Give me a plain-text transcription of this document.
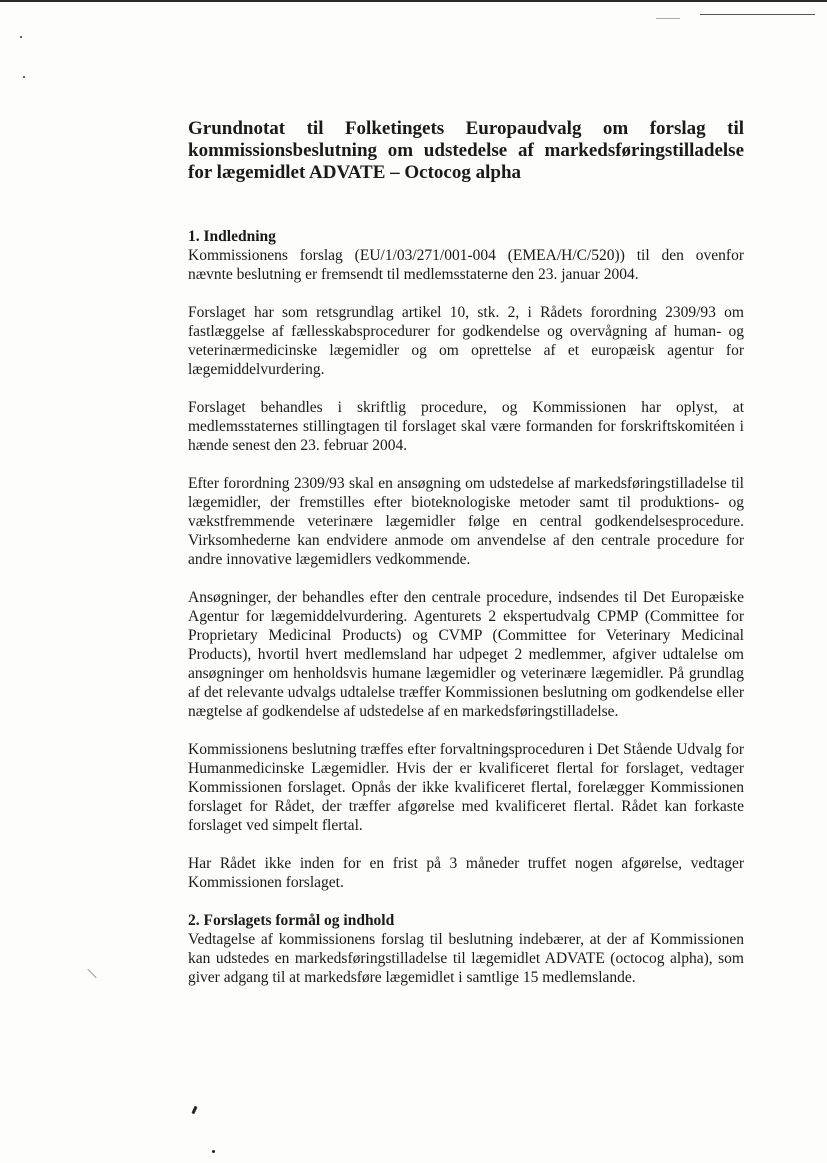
Grundnotat til Folketingets Europaudvalg om forslag til kommissionsbeslutning om udstedelse af markedsføringstilladelse for lægemidlet ADVATE – Octocog alpha
1. Indledning

Kommissionens forslag (EU/1/03/271/001-004 (EMEA/H/C/520)) til den ovenfor nævnte beslutning er fremsendt til medlemsstaterne den 23. januar 2004.

Forslaget har som retsgrundlag artikel 10, stk. 2, i Rådets forordning 2309/93 om fastlæggelse af fællesskabsprocedurer for godkendelse og overvågning af human- og veterinærmedicinske lægemidler og om oprettelse af et europæisk agentur for lægemiddelvurdering.

Forslaget behandles i skriftlig procedure, og Kommissionen har oplyst, at medlemsstaternes stillingtagen til forslaget skal være formanden for forskriftskomitéen i hænde senest den 23. februar 2004.

Efter forordning 2309/93 skal en ansøgning om udstedelse af markedsføringstilladelse til lægemidler, der fremstilles efter bioteknologiske metoder samt til produktions- og vækstfremmende veterinære lægemidler følge en central godkendelsesprocedure. Virksomhederne kan endvidere anmode om anvendelse af den centrale procedure for andre innovative lægemidlers vedkommende.

Ansøgninger, der behandles efter den centrale procedure, indsendes til Det Europæiske Agentur for lægemiddelvurdering. Agenturets 2 ekspertudvalg CPMP (Committee for Proprietary Medicinal Products) og CVMP (Committee for Veterinary Medicinal Products), hvortil hvert medlemsland har udpeget 2 medlemmer, afgiver udtalelse om ansøgninger om henholdsvis humane lægemidler og veterinære lægemidler. På grundlag af det relevante udvalgs udtalelse træffer Kommissionen beslutning om godkendelse eller nægtelse af godkendelse af udstedelse af en markedsføringstilladelse.

Kommissionens beslutning træffes efter forvaltningsproceduren i Det Stående Udvalg for Humanmedicinske Lægemidler. Hvis der er kvalificeret flertal for forslaget, vedtager Kommissionen forslaget. Opnås der ikke kvalificeret flertal, forelægger Kommissionen forslaget for Rådet, der træffer afgørelse med kvalificeret flertal. Rådet kan forkaste forslaget ved simpelt flertal.

Har Rådet ikke inden for en frist på 3 måneder truffet nogen afgørelse, vedtager Kommissionen forslaget.

2. Forslagets formål og indhold

Vedtagelse af kommissionens forslag til beslutning indebærer, at der af Kommissionen kan udstedes en markedsføringstilladelse til lægemidlet ADVATE (octocog alpha), som giver adgang til at markedsføre lægemidlet i samtlige 15 medlemslande.
